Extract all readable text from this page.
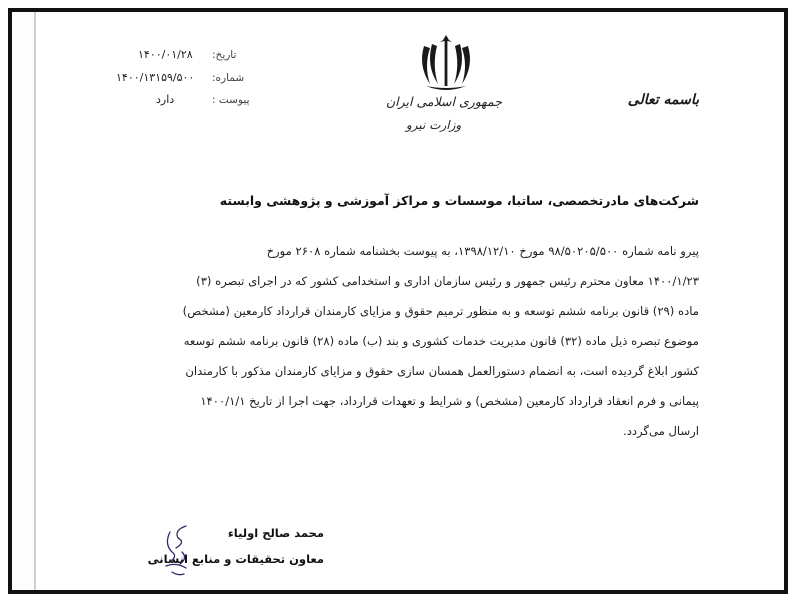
تاریخ:
۱۴۰۰/۰۱/۲۸
شماره:
۱۴۰۰/۱۳۱۵۹/۵۰۰
پیوست :
دارد	جمهوری اسلامی ایران
وزارت نیرو
باسمه تعالی
شرکت‌های مادرتخصصی، ساتبا، موسسات و مراکز آموزشی و پژوهشی وابسته
پیرو نامه شماره ۹۸/۵۰۲۰۵/۵۰۰ مورخ ۱۳۹۸/۱۲/۱۰، به پیوست بخشنامه شماره ۲۶۰۸ مورخ
۱۴۰۰/۱/۲۳ معاون محترم رئیس جمهور و رئیس سازمان اداری و استخدامی کشور که در اجرای تبصره (۳)
ماده (۲۹) قانون برنامه ششم توسعه و به منظور ترمیم حقوق و مزایای کارمندان قرارداد کارمعین (مشخص)
موضوع تبصره ذیل ماده (۳۲) قانون مدیریت خدمات کشوری و بند (ب) ماده (۲۸) قانون برنامه ششم توسعه
کشور ابلاغ گردیده است، به انضمام دستورالعمل همسان سازی حقوق و مزایای کارمندان مذکور با کارمندان
پیمانی و فرم انعقاد قرارداد کارمعین (مشخص) و شرایط و تعهدات قرارداد، جهت اجرا از تاریخ ۱۴۰۰/۱/۱
ارسال می‌گردد.
محمد صالح اولیاء
معاون تحقیقات و منابع انسانی
